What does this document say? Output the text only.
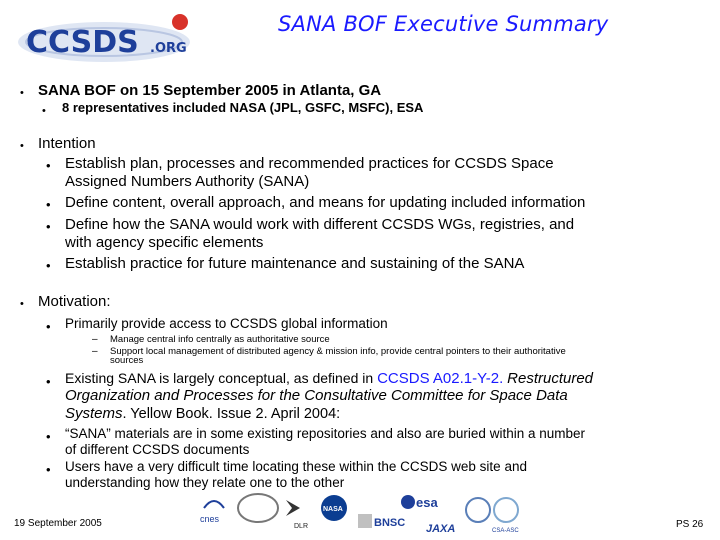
CCSDS .ORG
SANA BOF Executive Summary
• SANA BOF on 15 September 2005 in Atlanta, GA
• 8 representatives included NASA (JPL, GSFC, MSFC), ESA
• Intention
• Establish plan, processes and recommended practices for CCSDS Space
Assigned Numbers Authority (SANA)
• Define content, overall approach, and means for updating included information
• Define how the SANA would work with different CCSDS WGs, registries, and
with agency specific elements
• Establish practice for future maintenance and sustaining of the SANA
• Motivation:
• Primarily provide access to CCSDS global information
– Manage central info centrally as authoritative source
– Support local management of distributed agency & mission info, provide central pointers to their authoritative
sources
• Existing SANA is largely conceptual, as defined in CCSDS A02.1-Y-2. Restructured
Organization and Processes for the Consultative Committee for Space Data
Systems. Yellow Book. Issue 2. April 2004:
• “SANA” materials are in some existing repositories and also are buried within a number
of different CCSDS documents
• Users have a very difficult time locating these within the CCSDS web site and
understanding how they relate one to the other
19 September 2005	cnes
DLR
NASA
BNSC
esa
JAXA	CSA-ASC
PS 26
